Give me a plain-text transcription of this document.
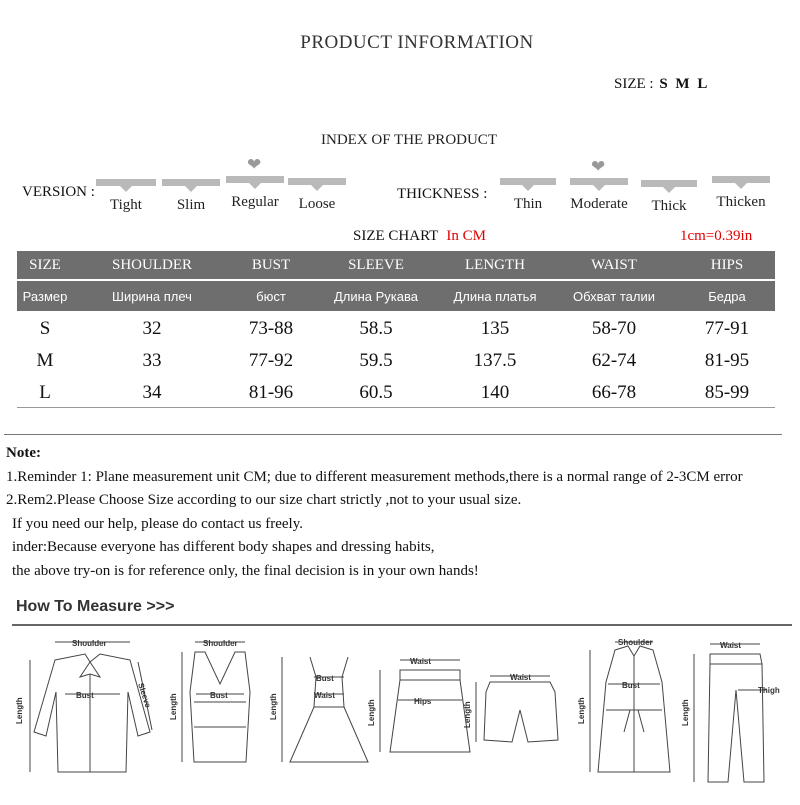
PRODUCT INFORMATION
SIZE : S M L
INDEX OF THE PRODUCT
VERSION :
Tight	Slim
❤
Regular	Loose
THICKNESS :
Thin
❤
Moderate	Thick	Thicken
SIZE CHART In CM	1cm=0.39in
SIZE	SHOULDER	BUST	SLEEVE	LENGTH	WAIST	HIPS
Размер	Ширина плеч	бюст	Длина Рукава	Длина платья	Обхват талии	Бедра
S	32	73-88	58.5	135	58-70	77-91
M	33	77-92	59.5	137.5	62-74	81-95
L	34	81-96	60.5	140	66-78	85-99
Note:
1.Reminder 1: Plane measurement unit CM; due to different measurement methods,there is a normal range of 2-3CM error
2.Rem2.Please Choose Size according to our size chart strictly ,not to your usual size.
If you need our help, please do contact us freely.
inder:Because everyone has different body shapes and dressing habits,
the above try-on is for reference only, the final decision is in your own hands!
How To Measure >>>
Length
Shoulder
Bust	Sleeve Length
Shoulder
Bust	Length
Bust
Waist
Waist
Hips
Length
Waist
Length
Shoulder
Bust
Length
Waist
Thigh
Length
